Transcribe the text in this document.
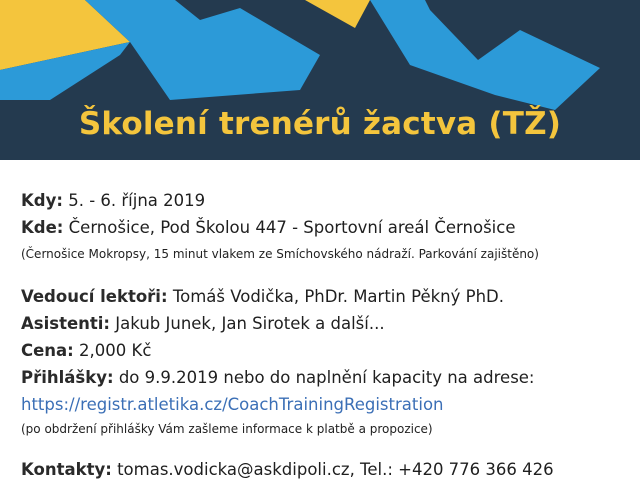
Školení trenérů žactva (TŽ)
Kdy: 5. - 6. října 2019
Kde: Černošice, Pod Školou 447 - Sportovní areál Černošice
(Černošice Mokropsy, 15 minut vlakem ze Smíchovského nádraží. Parkování zajištěno)
Vedoucí lektoři: Tomáš Vodička, PhDr. Martin Pěkný PhD.
Asistenti: Jakub Junek, Jan Sirotek a další...
Cena: 2,000 Kč
Přihlášky: do 9.9.2019 nebo do naplnění kapacity na adrese:
https://registr.atletika.cz/CoachTrainingRegistration
(po obdržení přihlášky Vám zašleme informace k platbě a propozice)
Kontakty: tomas.vodicka@askdipoli.cz, Tel.: +420 776 366 426
